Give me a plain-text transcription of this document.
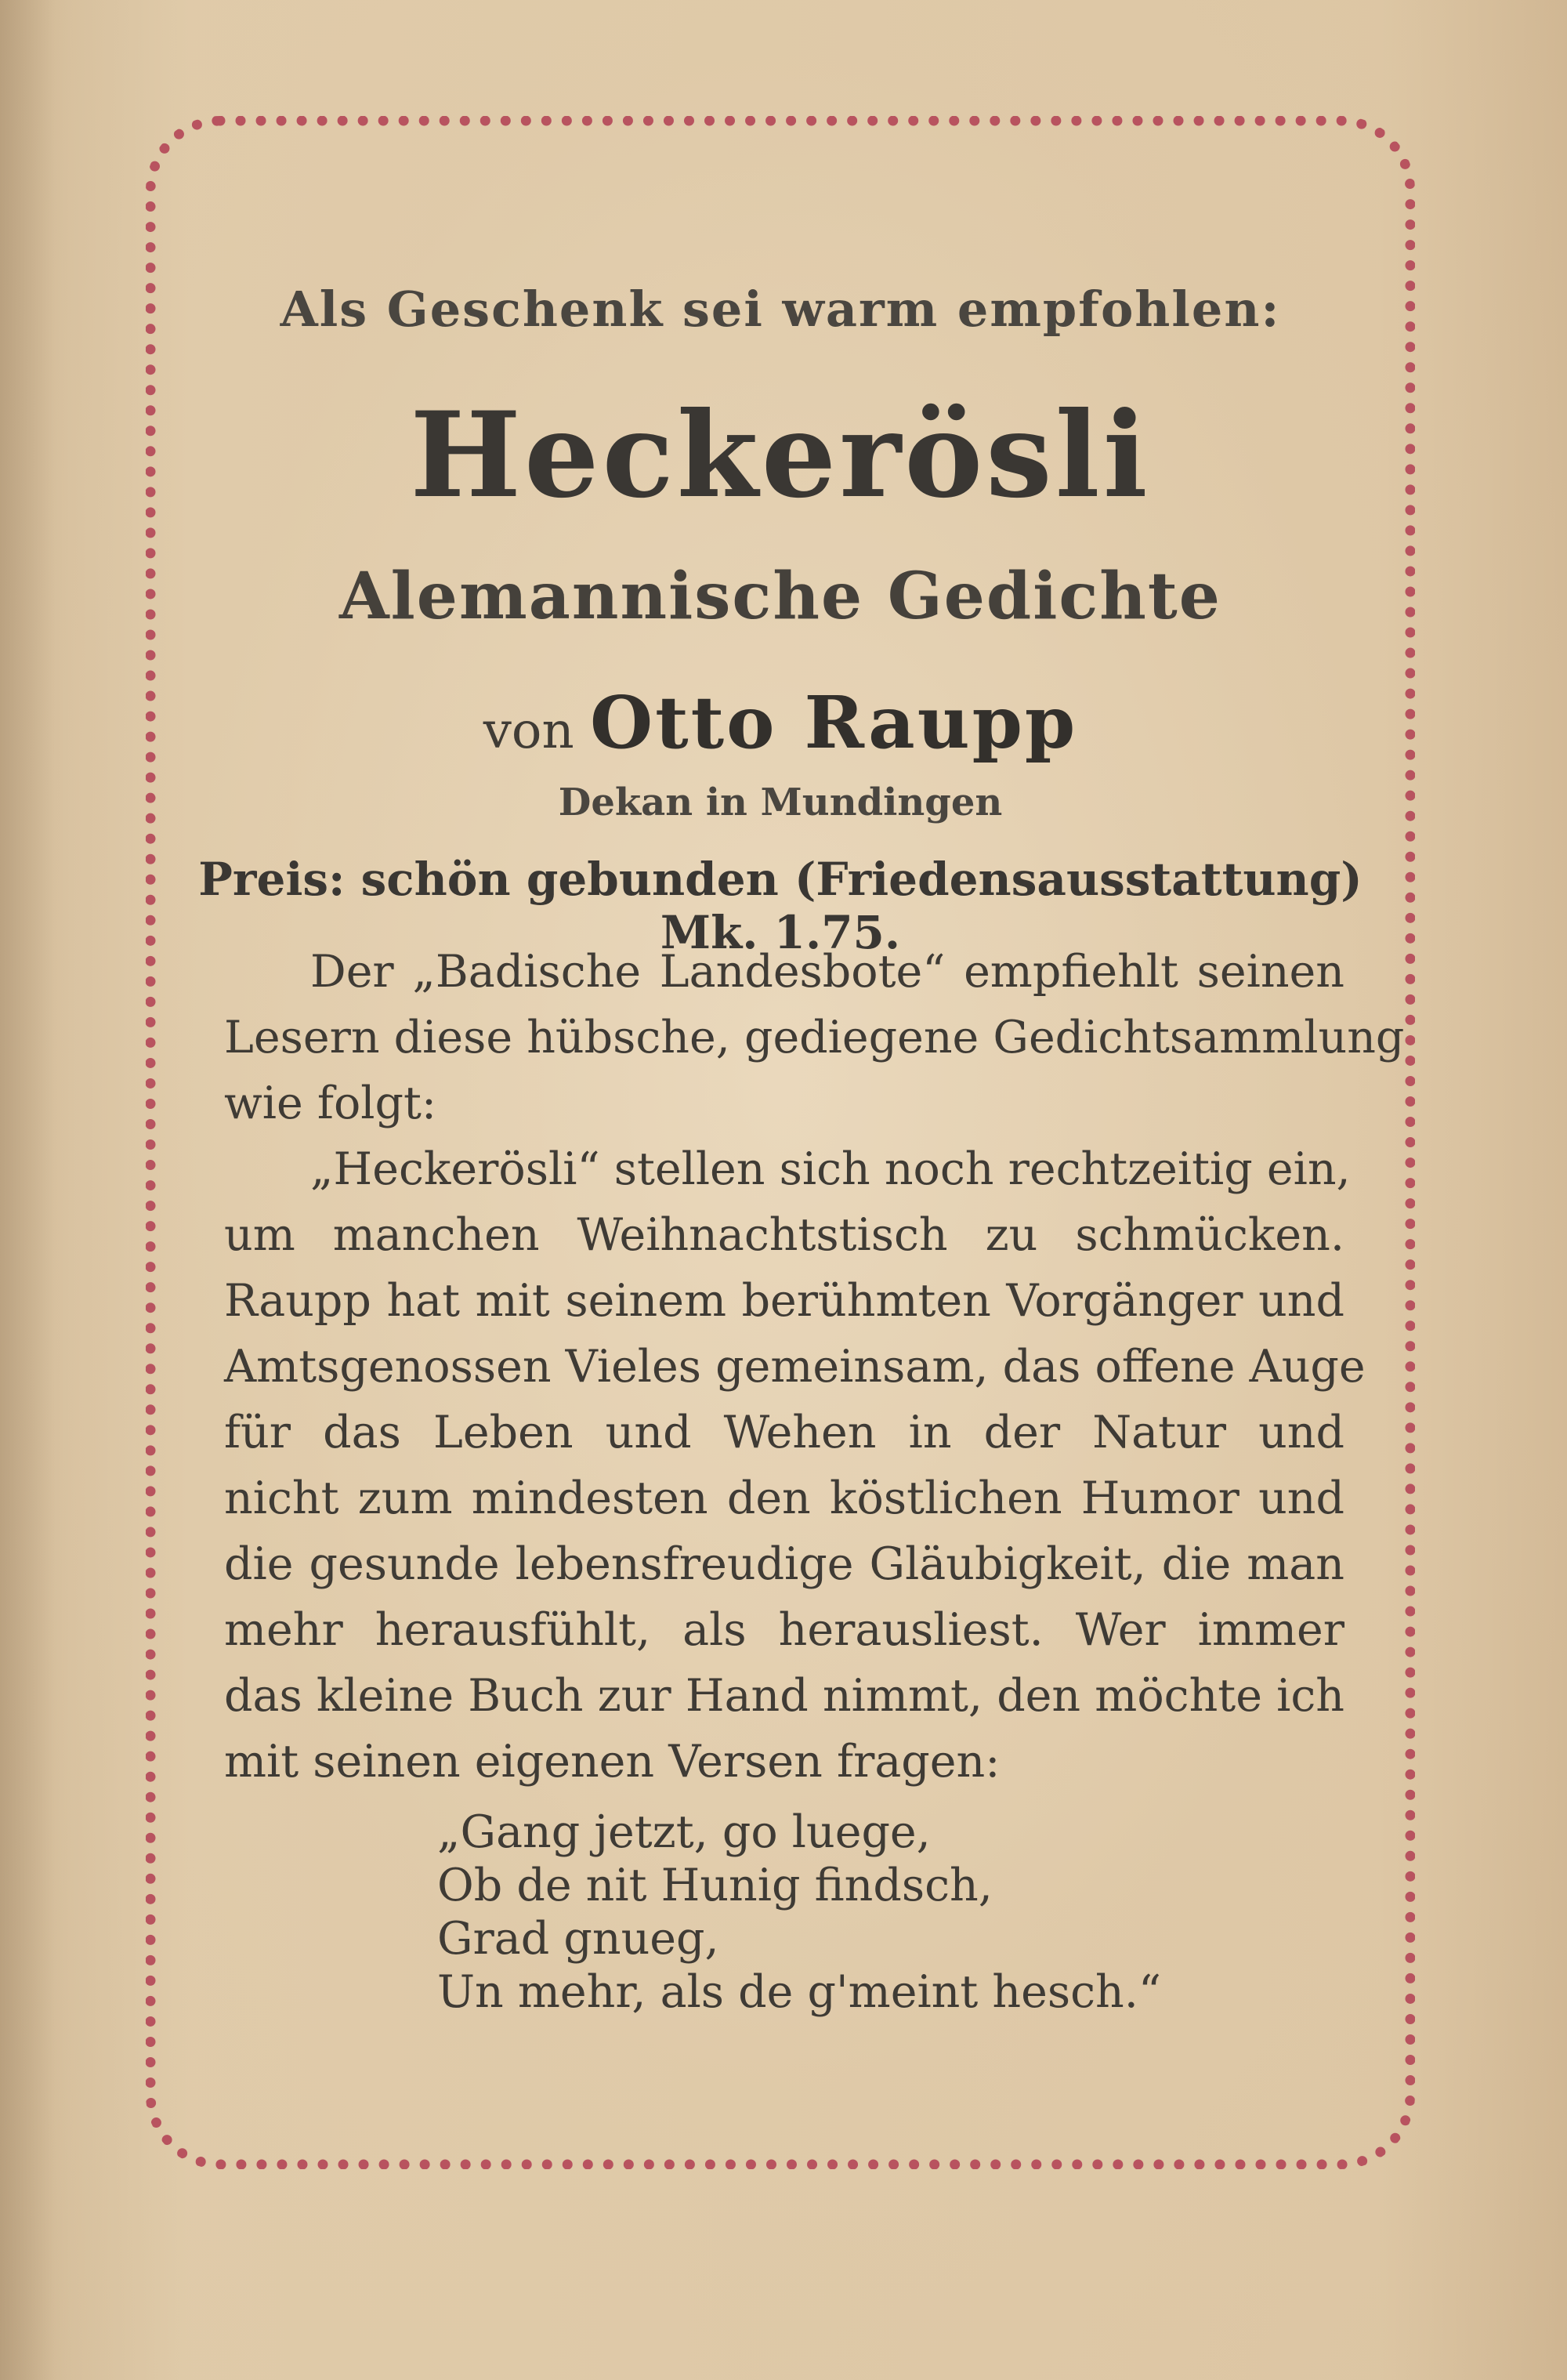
Als Geschenk sei warm empfohlen:
Heckerösli
Alemannische Gedichte
von Otto Raupp
Dekan in Mundingen
Preis: schön gebunden (Friedensausstattung) Mk. 1.75.
Der „Badische Landesbote“ empfiehlt seinen
Lesern diese hübsche, gediegene Gedichtsammlung
wie folgt:
„Heckerösli“ stellen sich noch rechtzeitig ein,
um manchen Weihnachtstisch zu schmücken.
Raupp hat mit seinem berühmten Vorgänger und
Amtsgenossen Vieles gemeinsam, das offene Auge
für das Leben und Wehen in der Natur und
nicht zum mindesten den köstlichen Humor und
die gesunde lebensfreudige Gläubigkeit, die man
mehr herausfühlt, als herausliest. Wer immer
das kleine Buch zur Hand nimmt, den möchte ich
mit seinen eigenen Versen fragen:
„Gang jetzt, go luege,
Ob de nit Hunig findsch,
Grad gnueg,
Un mehr, als de g'meint hesch.“
